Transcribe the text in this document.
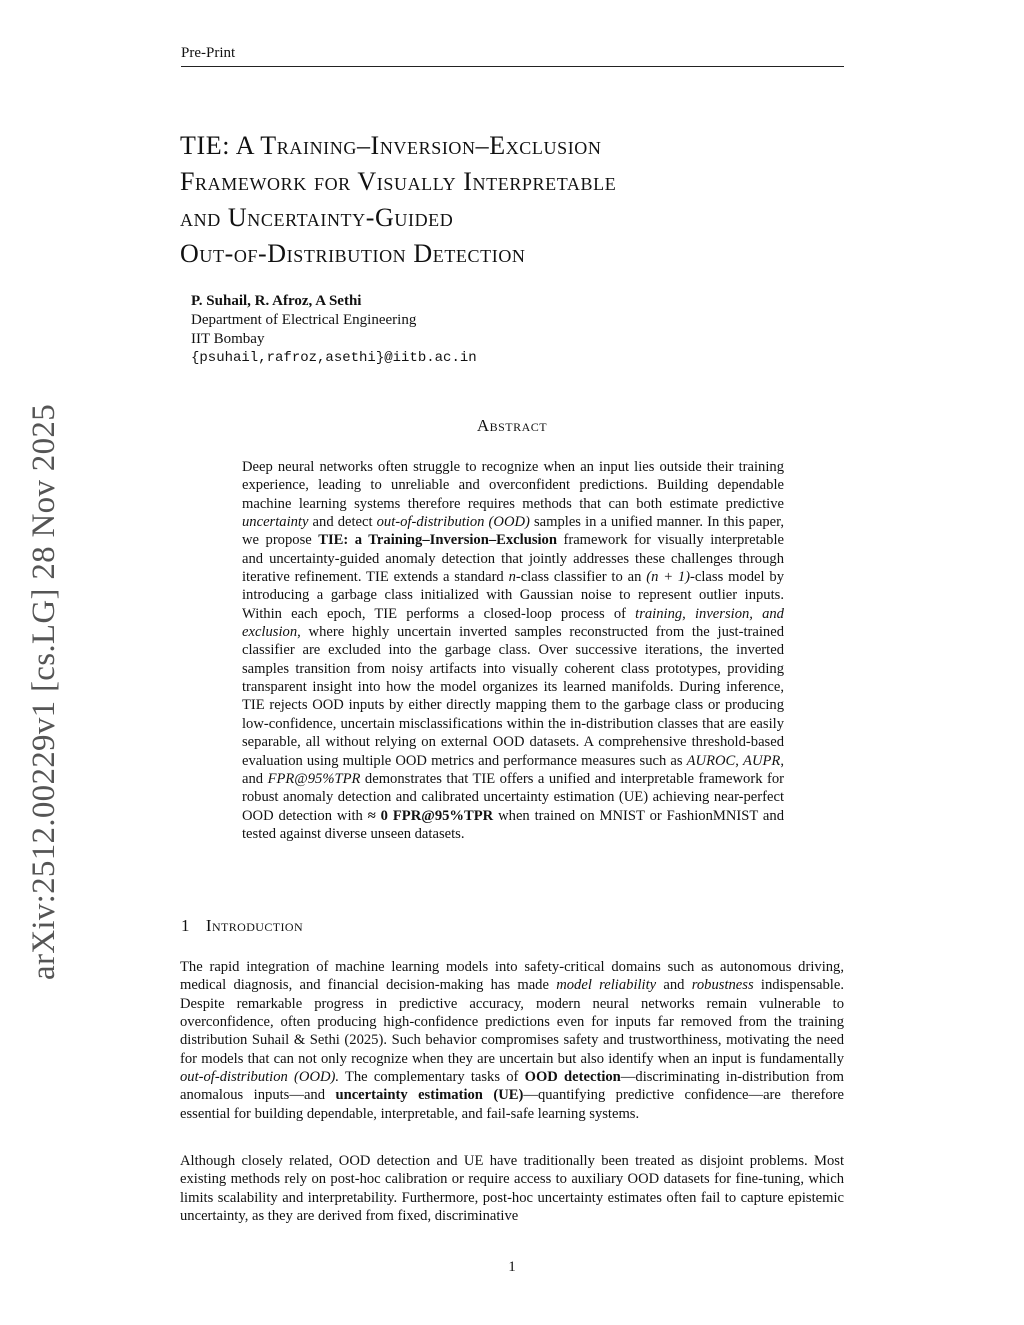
Pre-Print
arXiv:2512.00229v1 [cs.LG] 28 Nov 2025
TIE: A Training–Inversion–Exclusion
Framework for Visually Interpretable
and Uncertainty-Guided
Out-of-Distribution Detection
P. Suhail, R. Afroz, A Sethi
Department of Electrical Engineering
IIT Bombay
{psuhail,rafroz,asethi}@iitb.ac.in
Abstract
Deep neural networks often struggle to recognize when an input lies outside their training experience, leading to unreliable and overconfident predictions. Building dependable machine learning systems therefore requires methods that can both estimate predictive uncertainty and detect out-of-distribution (OOD) samples in a unified manner. In this paper, we propose TIE: a Training–Inversion–Exclusion framework for visually interpretable and uncertainty-guided anomaly detection that jointly addresses these challenges through iterative refinement. TIE extends a standard n-class classifier to an (n + 1)-class model by introducing a garbage class initialized with Gaussian noise to represent outlier inputs. Within each epoch, TIE performs a closed-loop process of training, inversion, and exclusion, where highly uncertain inverted samples reconstructed from the just-trained classifier are excluded into the garbage class. Over successive iterations, the inverted samples transition from noisy artifacts into visually coherent class prototypes, providing transparent insight into how the model organizes its learned manifolds. During inference, TIE rejects OOD inputs by either directly mapping them to the garbage class or producing low-confidence, uncertain misclassifications within the in-distribution classes that are easily separable, all without relying on external OOD datasets. A comprehensive threshold-based evaluation using multiple OOD metrics and performance measures such as AUROC, AUPR, and FPR@95%TPR demonstrates that TIE offers a unified and interpretable framework for robust anomaly detection and calibrated uncertainty estimation (UE) achieving near-perfect OOD detection with ≈ 0 FPR@95%TPR when trained on MNIST or FashionMNIST and tested against diverse unseen datasets.
1 Introduction

The rapid integration of machine learning models into safety-critical domains such as autonomous driving, medical diagnosis, and financial decision-making has made model reliability and robustness indispensable. Despite remarkable progress in predictive accuracy, modern neural networks remain vulnerable to overconfidence, often producing high-confidence predictions even for inputs far removed from the training distribution Suhail & Sethi (2025). Such behavior compromises safety and trustworthiness, motivating the need for models that can not only recognize when they are uncertain but also identify when an input is fundamentally out-of-distribution (OOD). The complementary tasks of OOD detection—discriminating in-distribution from anomalous inputs—and uncertainty estimation (UE)—quantifying predictive confidence—are therefore essential for building dependable, interpretable, and fail-safe learning systems.

Although closely related, OOD detection and UE have traditionally been treated as disjoint problems. Most existing methods rely on post-hoc calibration or require access to auxiliary OOD datasets for fine-tuning, which limits scalability and interpretability. Furthermore, post-hoc uncertainty estimates often fail to capture epistemic uncertainty, as they are derived from fixed, discriminative

1
